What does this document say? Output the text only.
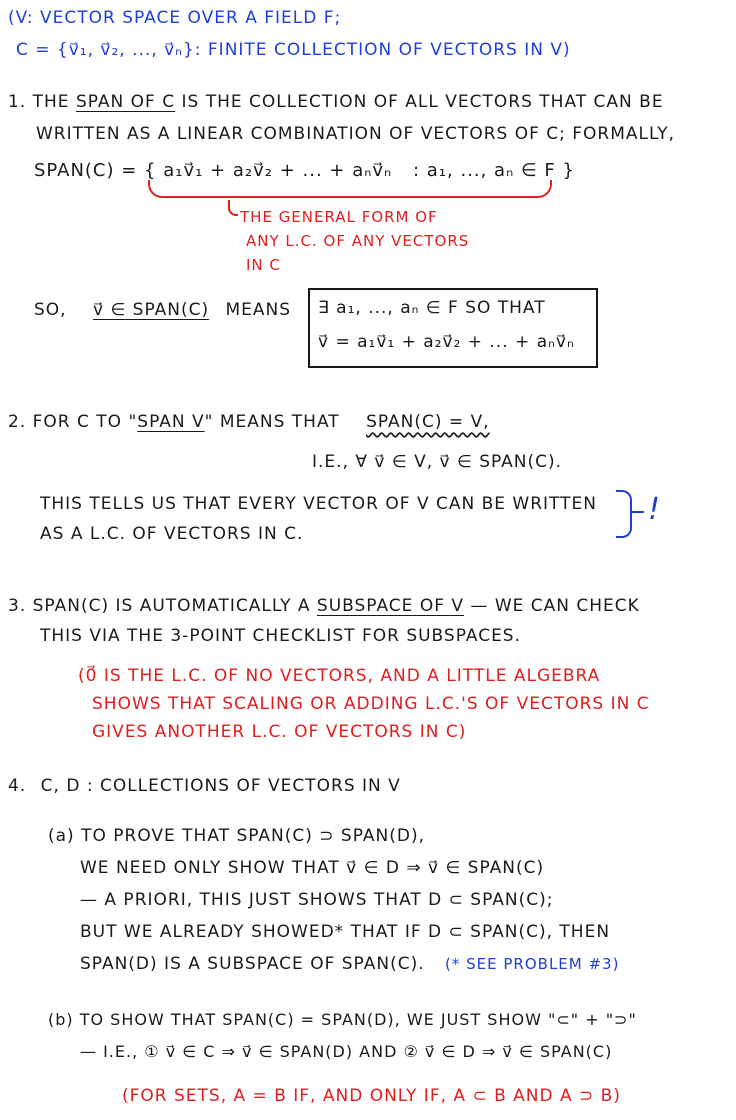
(V: VECTOR SPACE OVER A FIELD F;
C = {v⃗₁, v⃗₂, ..., v⃗ₙ}: FINITE COLLECTION OF VECTORS IN V)
1. THE SPAN OF C IS THE COLLECTION OF ALL VECTORS THAT CAN BE
WRITTEN AS A LINEAR COMBINATION OF VECTORS OF C; FORMALLY,
SPAN(C) = { a₁v⃗₁ + a₂v⃗₂ + ... + aₙv⃗ₙ : a₁, ..., aₙ ∈ F }
THE GENERAL FORM OF
ANY L.C. OF ANY VECTORS
IN C
SO, v⃗ ∈ SPAN(C) MEANS ∃ a₁, ..., aₙ ∈ F SO THAT
v⃗ = a₁v⃗₁ + a₂v⃗₂ + ... + aₙv⃗ₙ
2. FOR C TO "SPAN V" MEANS THAT SPAN(C) = V,
I.E., ∀ v⃗ ∈ V, v⃗ ∈ SPAN(C).
THIS TELLS US THAT EVERY VECTOR OF V CAN BE WRITTEN
AS A L.C. OF VECTORS IN C.
!
3. SPAN(C) IS AUTOMATICALLY A SUBSPACE OF V — WE CAN CHECK
THIS VIA THE 3-POINT CHECKLIST FOR SUBSPACES.
(0⃗ IS THE L.C. OF NO VECTORS, AND A LITTLE ALGEBRA
SHOWS THAT SCALING OR ADDING L.C.'S OF VECTORS IN C
GIVES ANOTHER L.C. OF VECTORS IN C)
4. C, D : COLLECTIONS OF VECTORS IN V
(a) TO PROVE THAT SPAN(C) ⊃ SPAN(D),
WE NEED ONLY SHOW THAT v⃗ ∈ D ⇒ v⃗ ∈ SPAN(C)
— A PRIORI, THIS JUST SHOWS THAT D ⊂ SPAN(C);
BUT WE ALREADY SHOWED* THAT IF D ⊂ SPAN(C), THEN
SPAN(D) IS A SUBSPACE OF SPAN(C). (* SEE PROBLEM #3)
(b) TO SHOW THAT SPAN(C) = SPAN(D), WE JUST SHOW "⊂" + "⊃"
— I.E., ① v⃗ ∈ C ⇒ v⃗ ∈ SPAN(D) AND ② v⃗ ∈ D ⇒ v⃗ ∈ SPAN(C)
(FOR SETS, A = B IF, AND ONLY IF, A ⊂ B AND A ⊃ B)
